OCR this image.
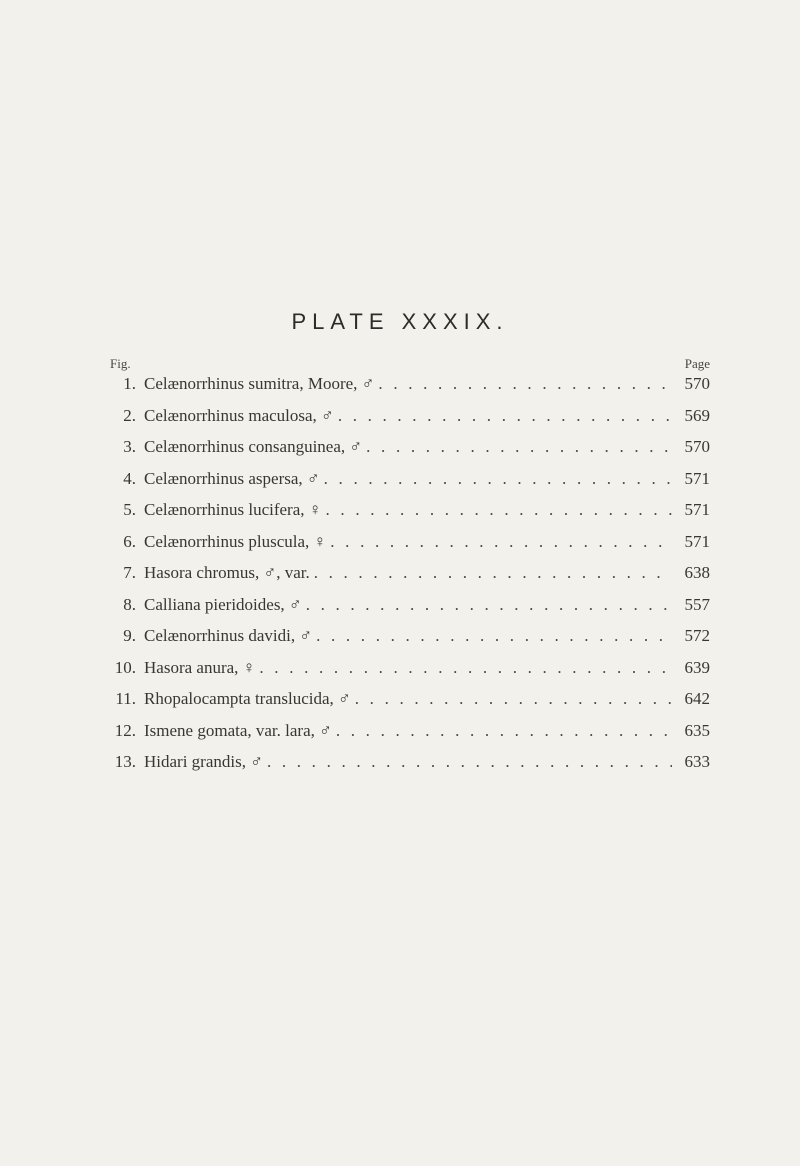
PLATE XXXIX.
Fig.	Page
1. Celænorrhinus sumitra, Moore, ♂ . . .	570
2. Celænorrhinus maculosa, ♂ . . .	569
3. Celænorrhinus consanguinea, ♂ . . .	570
4. Celænorrhinus aspersa, ♂ . . .	571
5. Celænorrhinus lucifera, ♀ . . .	571
6. Celænorrhinus pluscula, ♀ . . .	571
7. Hasora chromus, ♂, var. . . .	638
8. Calliana pieridoides, ♂ . . .	557
9. Celænorrhinus davidi, ♂ . . .	572
10. Hasora anura, ♀ . . .	639
11. Rhopalocampta translucida, ♂ . . .	642
12. Ismene gomata, var. lara, ♂ . . .	635
13. Hidari grandis, ♂ . . .	633
